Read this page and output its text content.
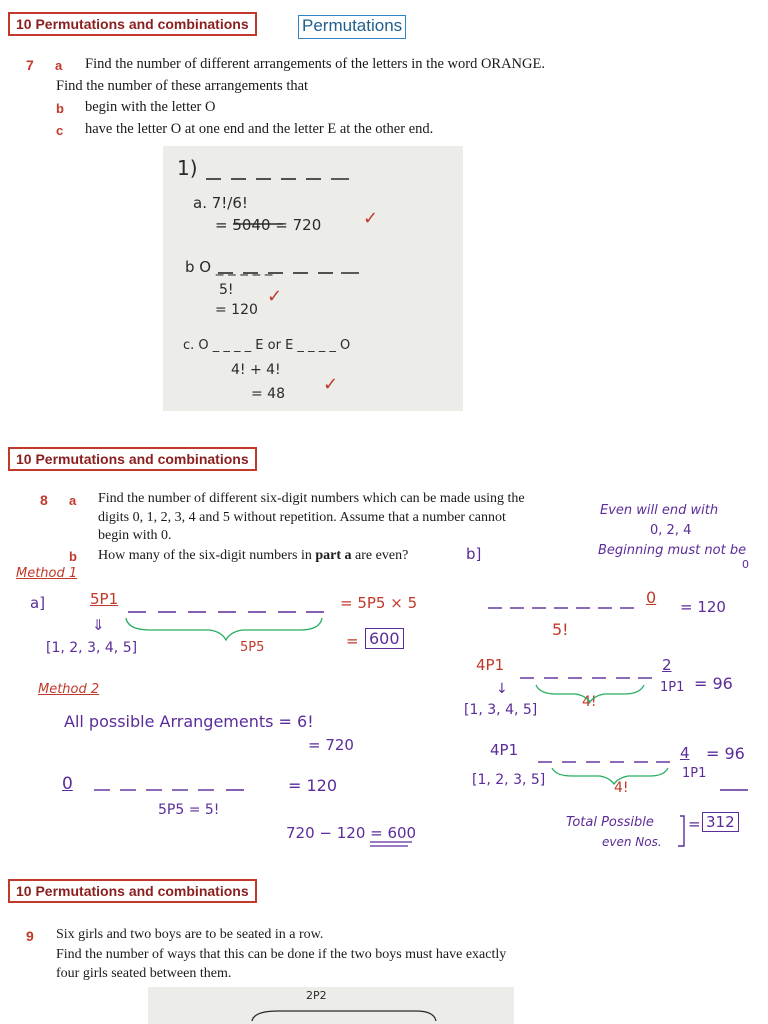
10 Permutations and combinations	Permutations
7 a Find the number of different arrangements of the letters in the word ORANGE.
Find the number of these arrangements that
b begin with the letter O
c have the letter O at one end and the letter E at the other end.
1)
a. 7!/6!
= 5040 = 720 ✓
b O _ _ _ _ _
5!
= 120
✓
c. O _ _ _ _ E or E _ _ _ _ O
4! + 4!
= 48 ✓
10 Permutations and combinations
8 a Find the number of different six-digit numbers which can be made using the
digits 0, 1, 2, 3, 4 and 5 without repetition. Assume that a number cannot
begin with 0.
b How many of the six-digit numbers in part a are even?
Even will end with
0, 2, 4
Beginning must not be
0
b]
Method 1
a]	5P1
⇓
[1, 2, 3, 4, 5]
= 5P5 × 5
= 600
5P5
Method 2
All possible Arrangements = 6!
= 720
0	= 120
5P5 = 5!
720 − 120 = 600
0 = 120
5!
4P1
↓
[1, 3, 4, 5]	4!
2
1P1 = 96
4P1
[1, 2, 3, 5]	4!
4
1P1
= 96
Total Possible
even Nos.
= 312
10 Permutations and combinations
9 Six girls and two boys are to be seated in a row.
Find the number of ways that this can be done if the two boys must have exactly
four girls seated between them.
2P2
